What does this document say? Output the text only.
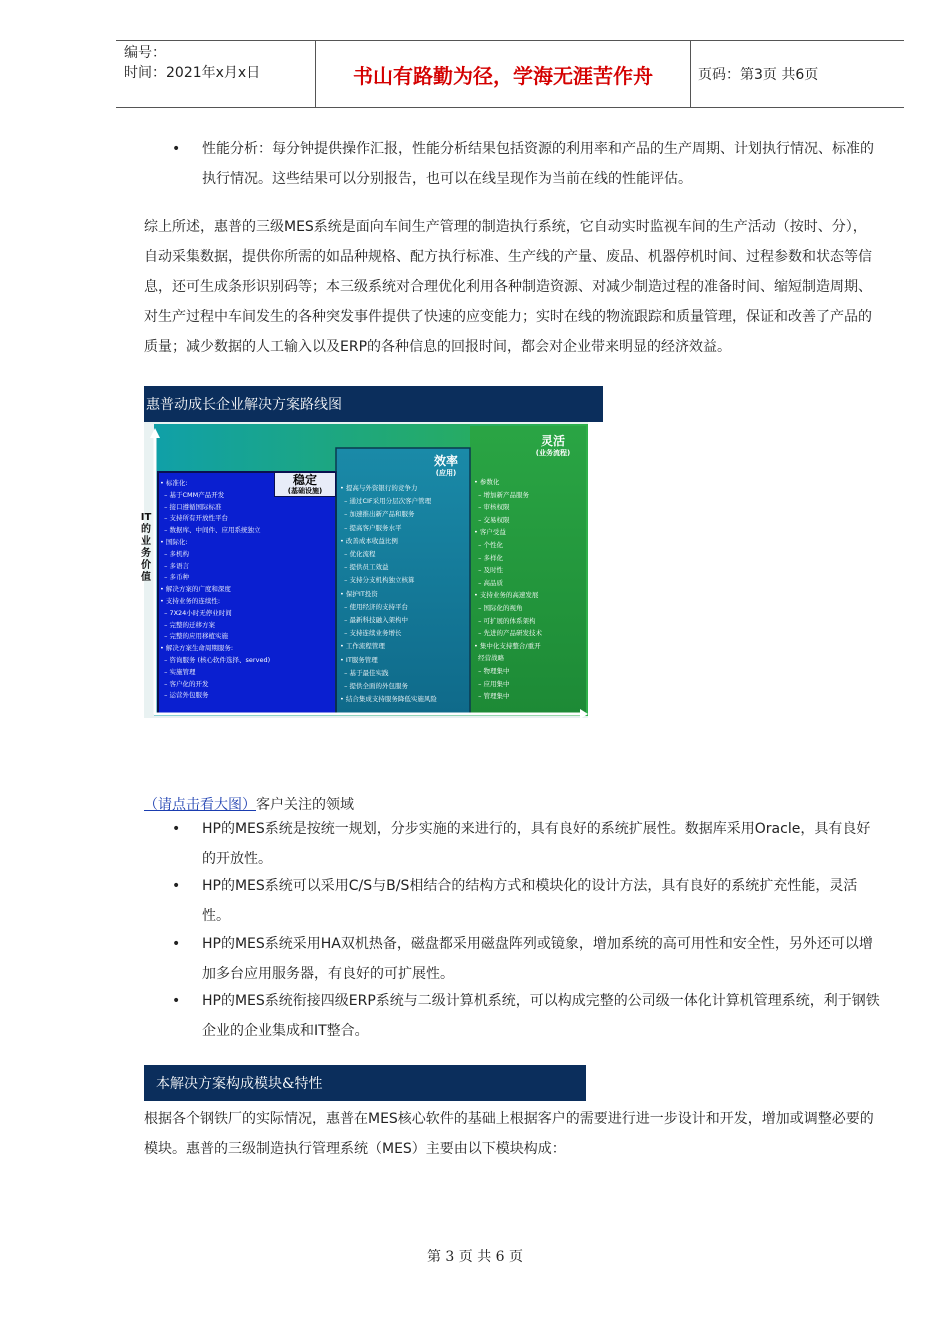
编号：
时间：2021年x月x日	书山有路勤为径，学海无涯苦作舟	页码：第3页 共6页
• 性能分析：每分钟提供操作汇报，性能分析结果包括资源的利用率和产品的生产周期、计划执行情况、标准的执行情况。这些结果可以分别报告，也可以在线呈现作为当前在线的性能评估。
综上所述，惠普的三级MES系统是面向车间生产管理的制造执行系统，它自动实时监视车间的生产活动（按时、分），自动采集数据，提供你所需的如品种规格、配方执行标准、生产线的产量、废品、机器停机时间、过程参数和状态等信息，还可生成条形识别码等；本三级系统对合理优化利用各种制造资源、对减少制造过程的准备时间、缩短制造周期、对生产过程中车间发生的各种突发事件提供了快速的应变能力；实时在线的物流跟踪和质量管理，保证和改善了产品的质量；减少数据的人工输入以及ERP的各种信息的回报时间，都会对企业带来明显的经济效益。
惠普动成长企业解决方案路线图
IT
的
业
务
价
值
稳定
(基础设施)
效率
(应用)
灵活
(业务流程)
• 标准化:
– 基于CMM产品开发
– 接口遵循国际标准
– 支持所有开放性平台
– 数据库、中间件、应用系统独立
• 国际化:
– 多机构
– 多语言
– 多币种
• 解决方案的广度和深度
• 支持业务的连续性:
– 7X24小时无停业时间
– 完整的迁移方案
– 完整的应用移植实施
• 解决方案生命周期服务:
– 咨询服务 (核心软件选择、served)
– 实施管理
– 客户化的开发
– 运营外包服务
• 提高与外资银行的竞争力
– 通过CIF采用分层次客户管理
– 加速推出新产品和服务
– 提高客户服务水平
• 改善成本收益比例
– 优化流程
– 提供员工效益
– 支持分支机构独立核算
• 保护IT投资
– 使用经济的支持平台
– 最新科技融入架构中
– 支持连续业务增长
• 工作流程管理
• IT服务管理
– 基于最佳实践
– 提供全面的外包服务
• 结合集成支持服务降低实施风险
• 参数化
– 增加新产品服务
– 审核权限
– 交易权限
• 客户受益
– 个性化
– 多样化
– 及时性
– 高品质
• 支持业务的高速发展
– 国际化的视角
– 可扩展的体系架构
– 先进的产品研发技术
• 集中化支持整合/重开
经营战略
– 物理集中
– 应用集中
– 管理集中
（请点击看大图）客户关注的领域
• HP的MES系统是按统一规划，分步实施的来进行的，具有良好的系统扩展性。数据库采用Oracle，具有良好的开放性。
• HP的MES系统可以采用C/S与B/S相结合的结构方式和模块化的设计方法，具有良好的系统扩充性能，灵活性。
• HP的MES系统采用HA双机热备，磁盘都采用磁盘阵列或镜象，增加系统的高可用性和安全性，另外还可以增加多台应用服务器，有良好的可扩展性。
• HP的MES系统衔接四级ERP系统与二级计算机系统，可以构成完整的公司级一体化计算机管理系统，利于钢铁企业的企业集成和IT整合。
本解决方案构成模块&特性
根据各个钢铁厂的实际情况，惠普在MES核心软件的基础上根据客户的需要进行进一步设计和开发，增加或调整必要的模块。惠普的三级制造执行管理系统（MES）主要由以下模块构成：
第 3 页 共 6 页
